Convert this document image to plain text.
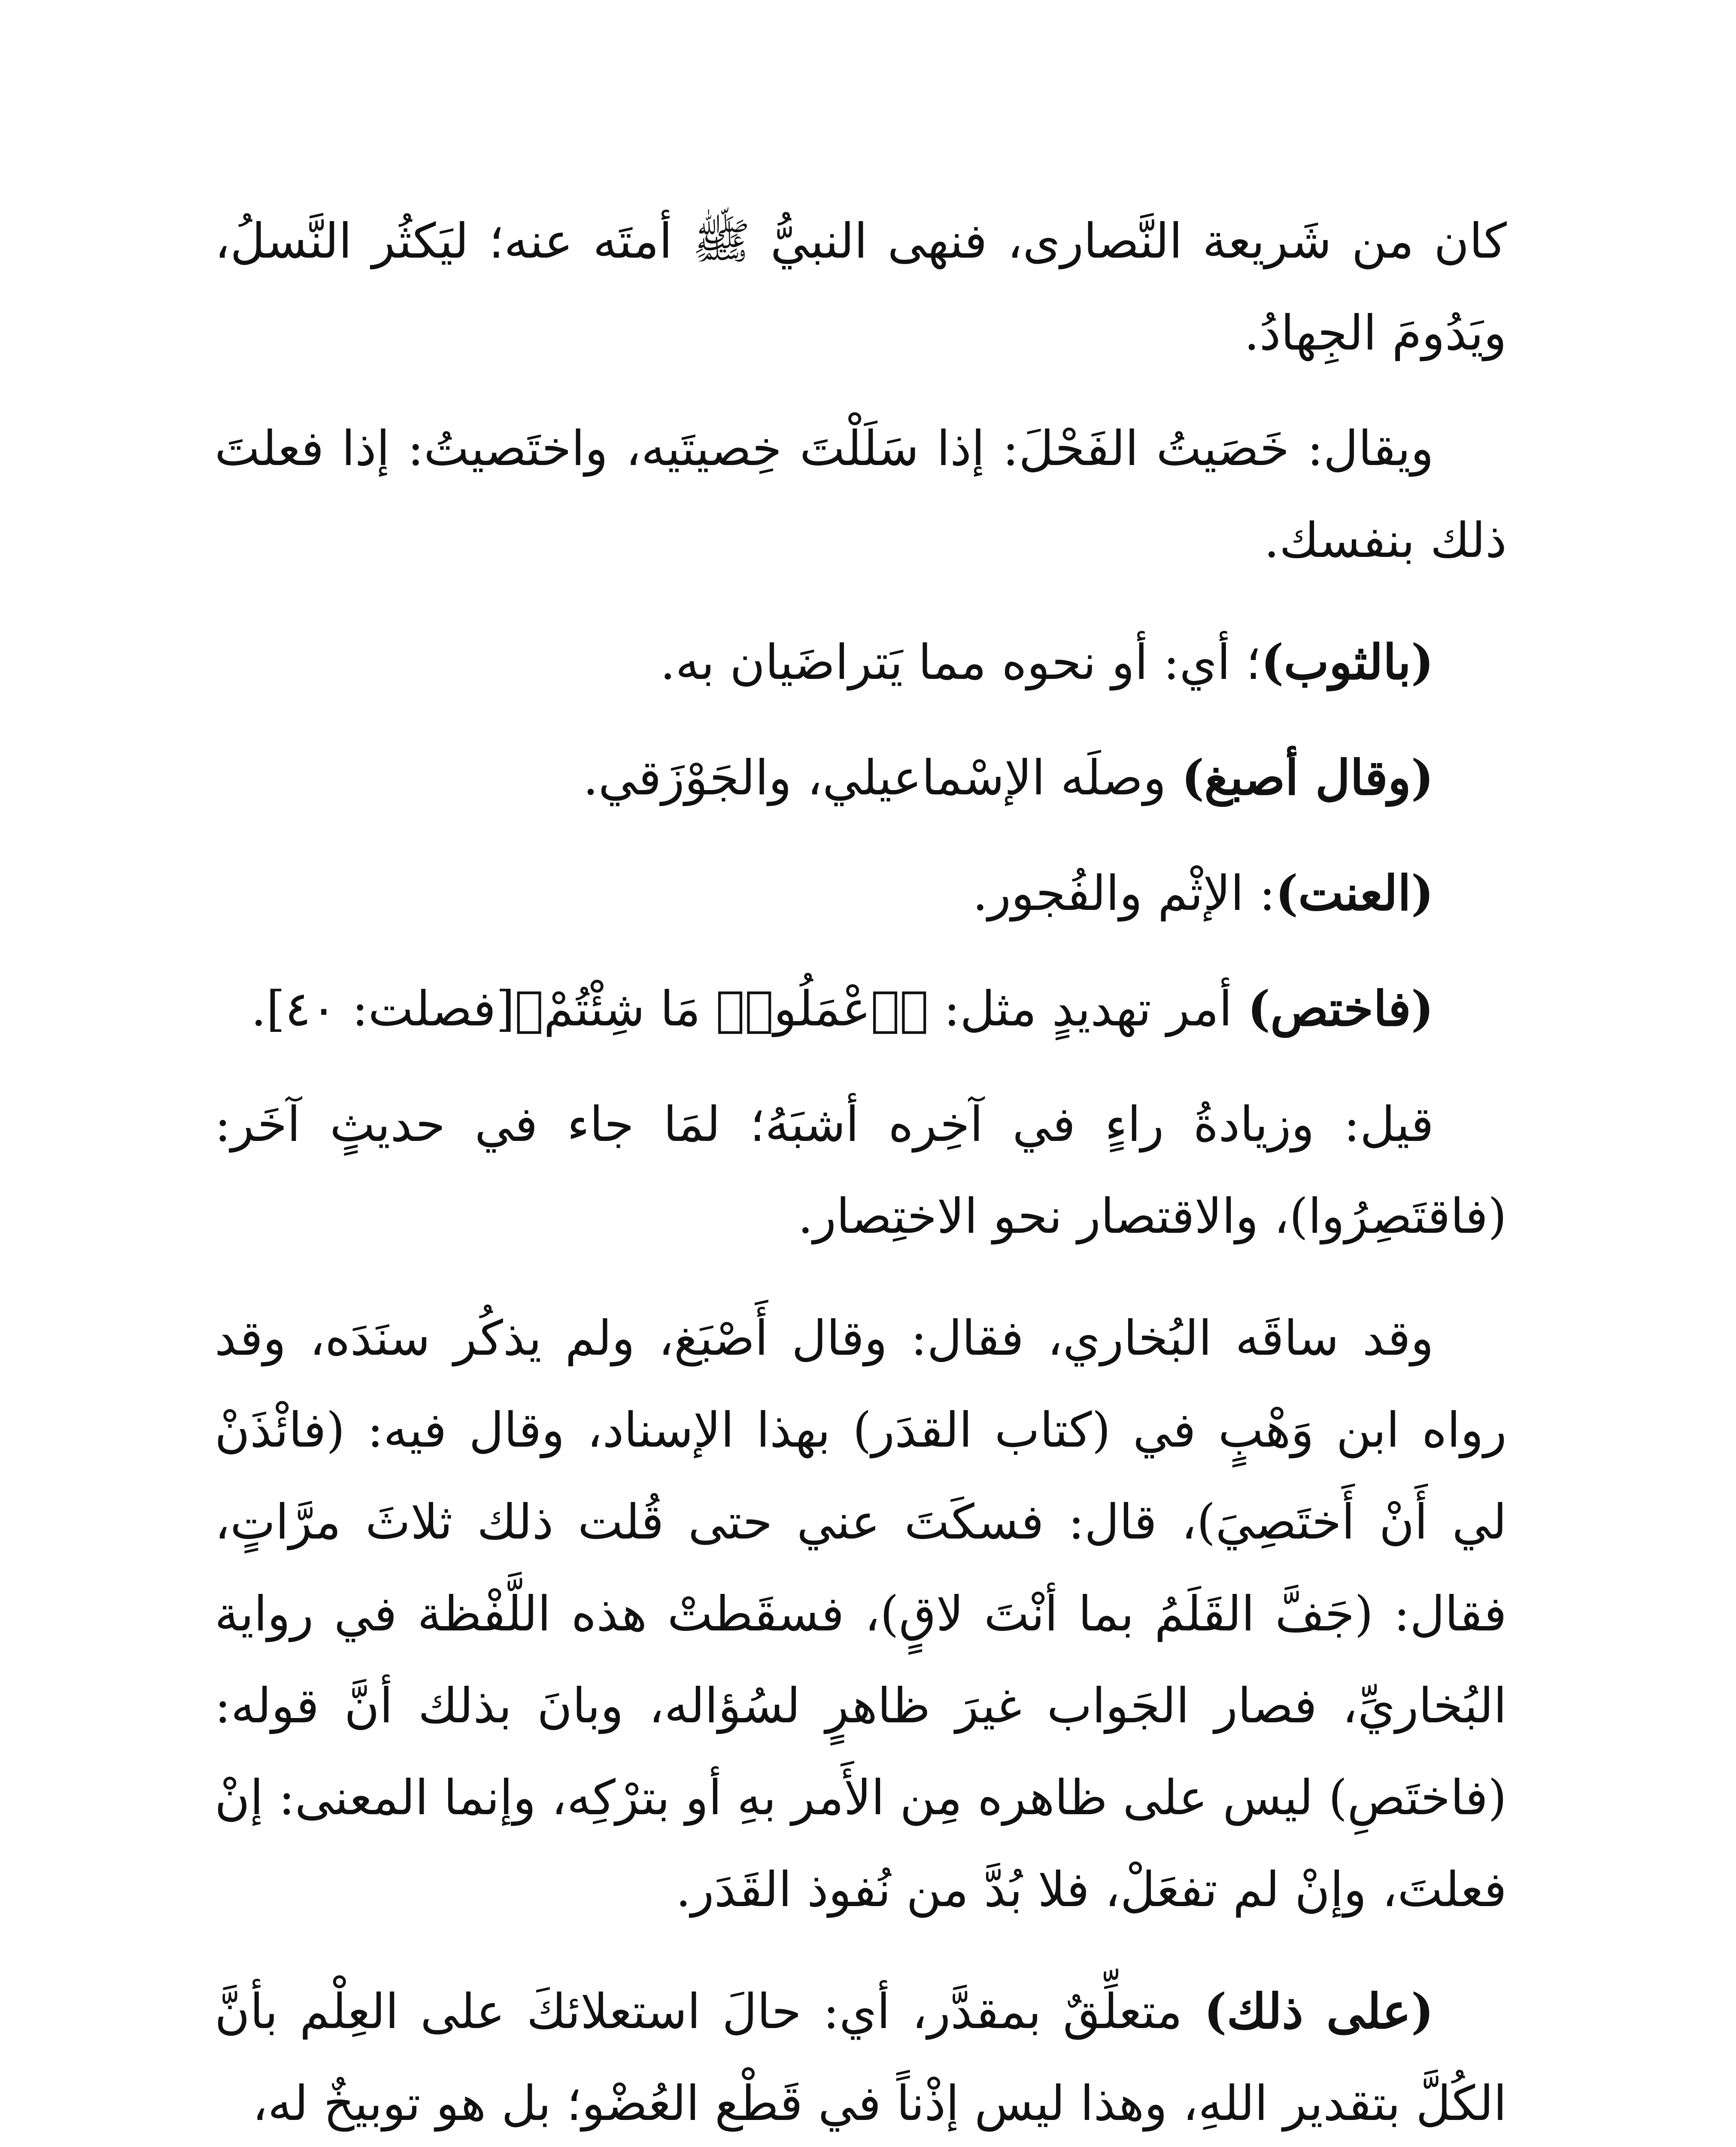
كان من شَريعة النَّصارى، فنهى النبيُّ ﷺ أمتَه عنه؛ ليَكثُر النَّسلُ، ويَدُومَ الجِهادُ.

ويقال: خَصَيتُ الفَحْلَ: إذا سَلَلْتَ خِصيتَيه، واختَصيتُ: إذا فعلتَ ذلك بنفسك.

(بالثوب)؛ أي: أو نحوه مما يَتراضَيان به.

(وقال أصبغ) وصلَه الإسْماعيلي، والجَوْزَقي.

(العنت): الإثْم والفُجور.

(فاختص) أمر تهديدٍ مثل: ﴿ٱعْمَلُوا۟ مَا شِئْتُمْ﴾[فصلت: ٤٠].

قيل: وزيادةُ راءٍ في آخِره أشبَهُ؛ لمَا جاء في حديثٍ آخَر: (فاقتَصِرُوا)، والاقتصار نحو الاختِصار.

وقد ساقَه البُخاري، فقال: وقال أَصْبَغ، ولم يذكُر سنَدَه، وقد رواه ابن وَهْبٍ في (كتاب القدَر) بهذا الإسناد، وقال فيه: (فائْذَنْ لي أَنْ أَختَصِيَ)، قال: فسكَتَ عني حتى قُلت ذلك ثلاثَ مرَّاتٍ، فقال: (جَفَّ القَلَمُ بما أنْتَ لاقٍ)، فسقَطتْ هذه اللَّفْظة في رواية البُخاريِّ، فصار الجَواب غيرَ ظاهرٍ لسُؤاله، وبانَ بذلك أنَّ قوله: (فاختَصِ) ليس على ظاهره مِن الأَمر بهِ أو بترْكِه، وإنما المعنى: إنْ فعلتَ، وإنْ لم تفعَلْ، فلا بُدَّ من نُفوذ القَدَر.

(على ذلك) متعلِّقٌ بمقدَّر، أي: حالَ استعلائكَ على العِلْم بأنَّ الكُلَّ بتقدير اللهِ، وهذا ليس إذْناً في قَطْع العُضْو؛ بل هو توبيخٌ له،
